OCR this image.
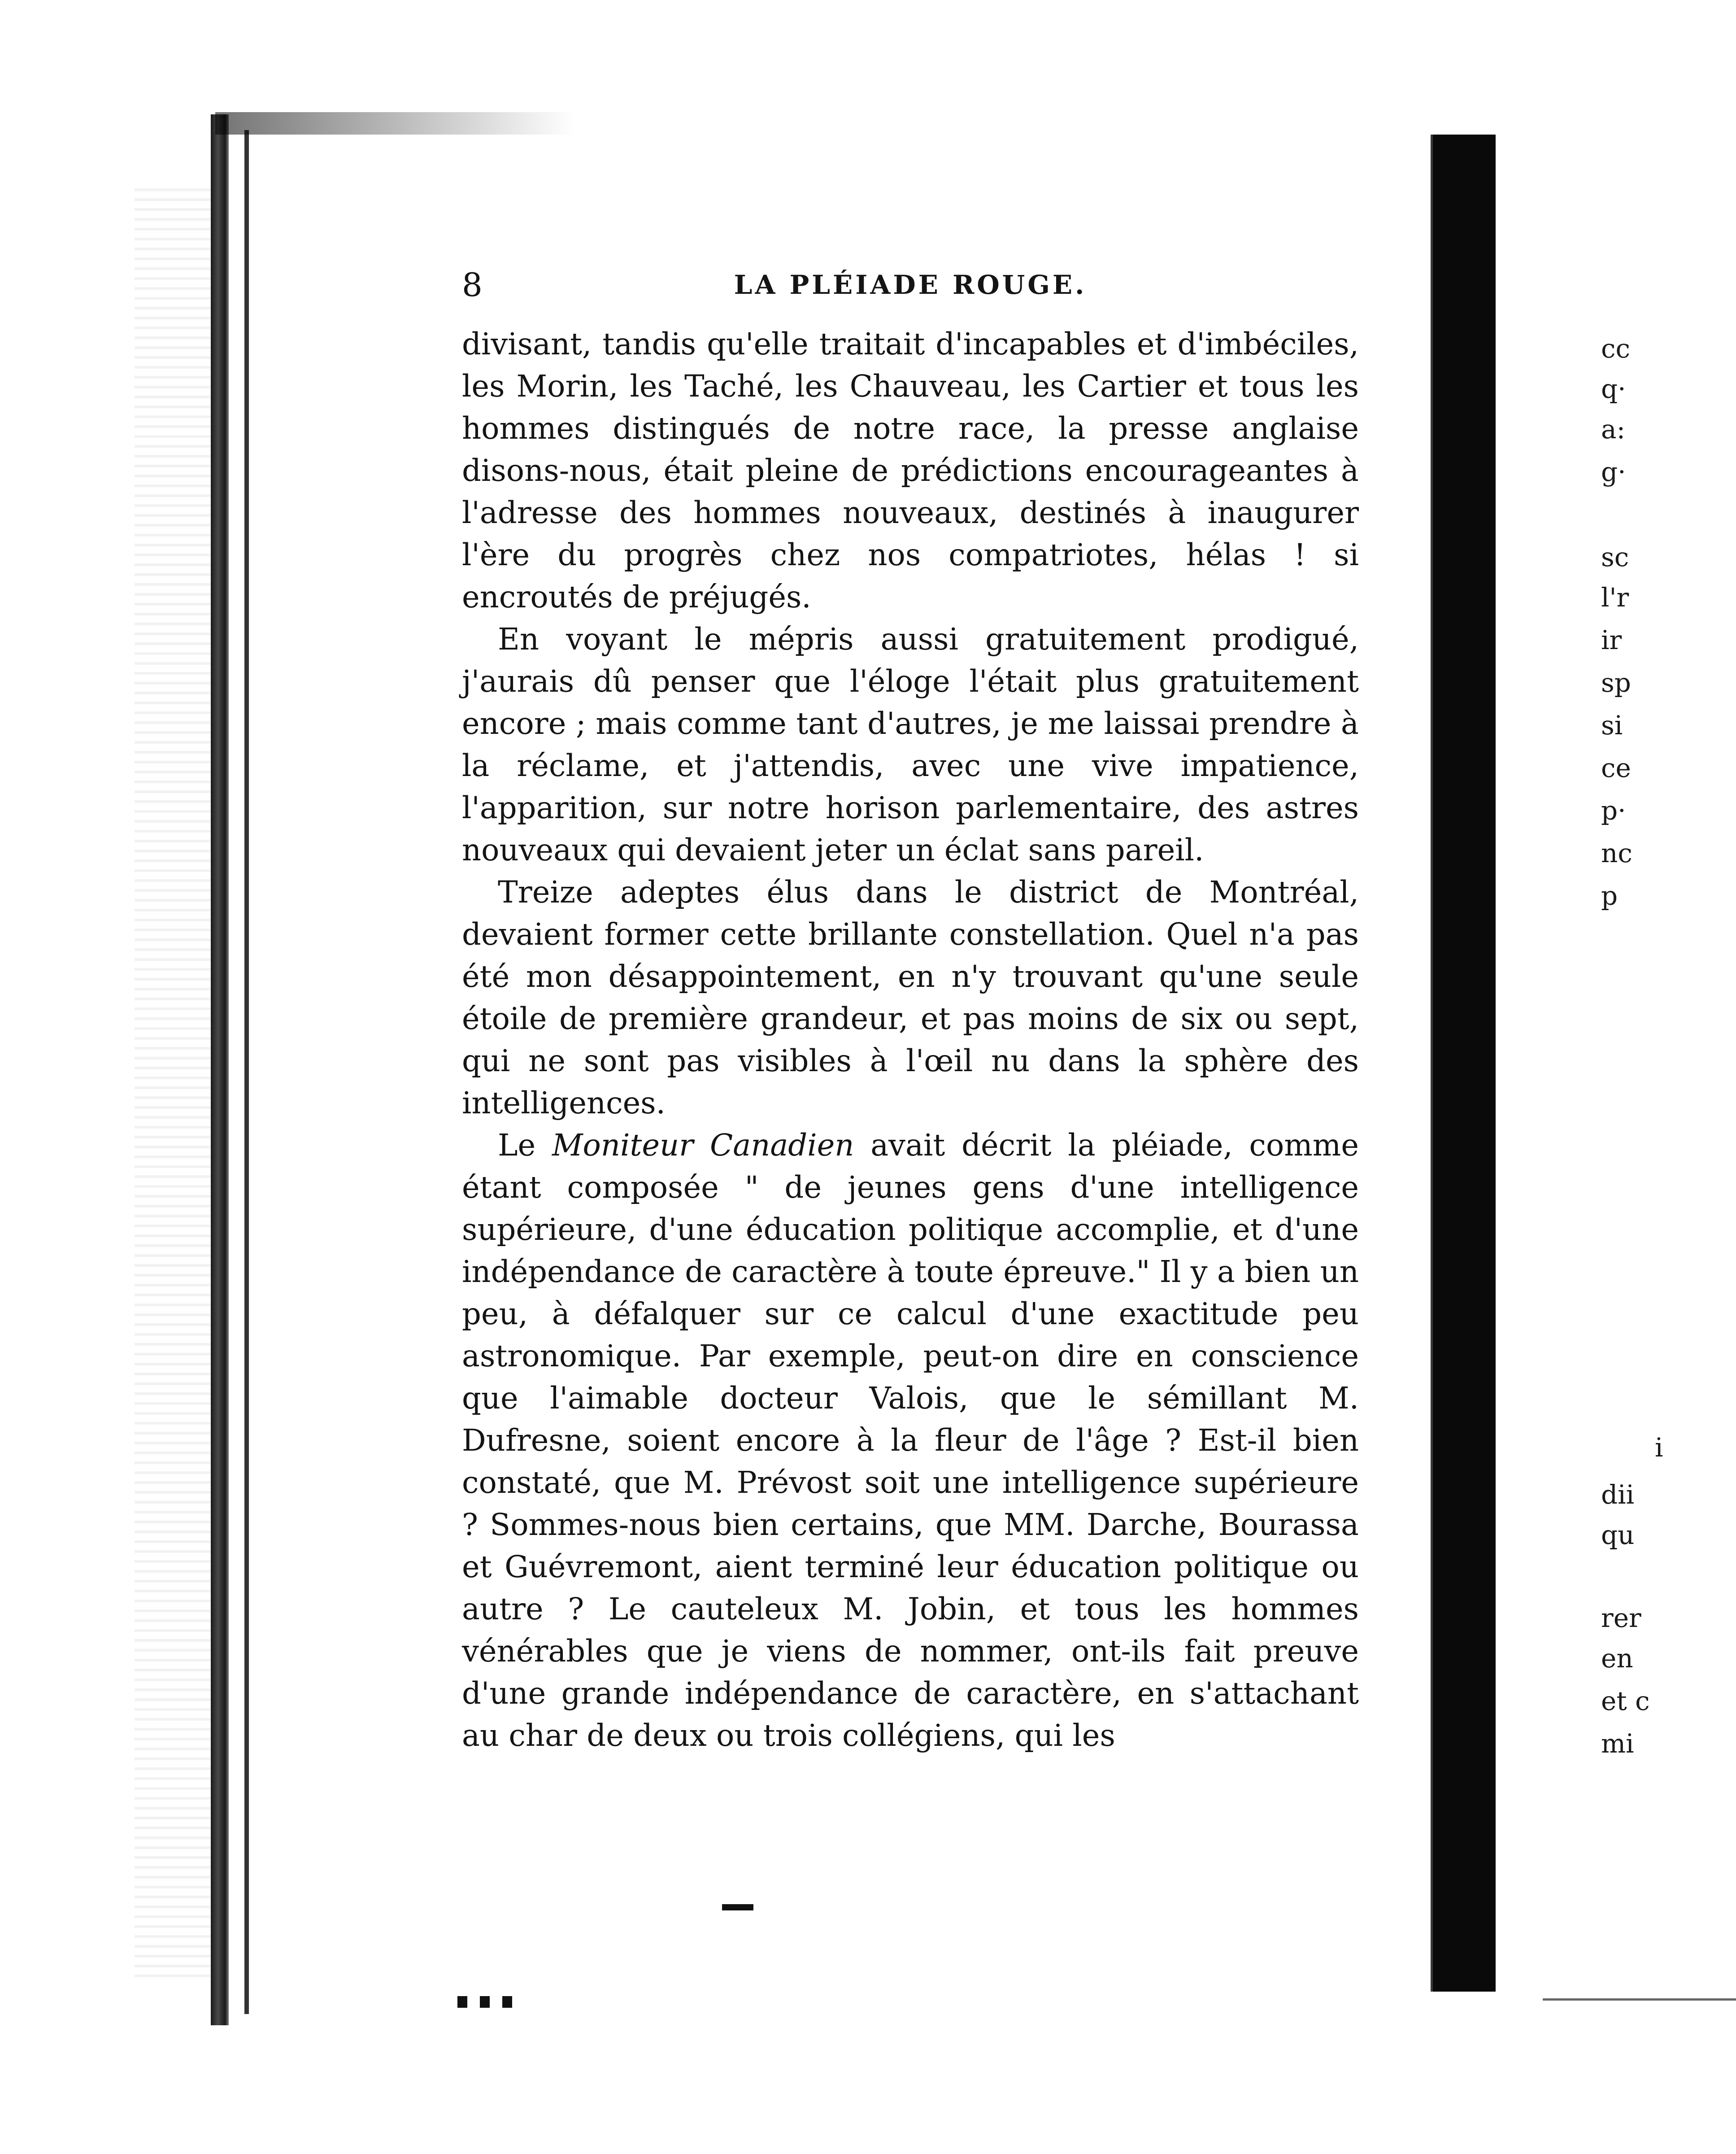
8	LA PLÉIADE ROUGE.

divisant, tandis qu'elle traitait d'incapables et d'imbéciles, les Morin, les Taché, les Chauveau, les Cartier et tous les hommes distingués de notre race, la presse anglaise disons-nous, était pleine de prédictions encourageantes à l'adresse des hommes nouveaux, destinés à inaugurer l'ère du progrès chez nos compatriotes, hélas ! si encroutés de préjugés.

En voyant le mépris aussi gratuitement prodigué, j'aurais dû penser que l'éloge l'était plus gratuitement encore ; mais comme tant d'autres, je me laissai prendre à la réclame, et j'attendis, avec une vive impatience, l'apparition, sur notre horison parlementaire, des astres nouveaux qui devaient jeter un éclat sans pareil.

Treize adeptes élus dans le district de Montréal, devaient former cette brillante constellation. Quel n'a pas été mon désappointement, en n'y trouvant qu'une seule étoile de première grandeur, et pas moins de six ou sept, qui ne sont pas visibles à l'œil nu dans la sphère des intelligences.

Le Moniteur Canadien avait décrit la pléiade, comme étant composée " de jeunes gens d'une intelligence supérieure, d'une éducation politique accomplie, et d'une indépendance de caractère à toute épreuve." Il y a bien un peu, à défalquer sur ce calcul d'une exactitude peu astronomique. Par exemple, peut-on dire en conscience que l'aimable docteur Valois, que le sémillant M. Dufresne, soient encore à la fleur de l'âge ? Est-il bien constaté, que M. Prévost soit une intelligence supérieure ? Sommes-nous bien certains, que MM. Darche, Bourassa et Guévremont, aient terminé leur éducation politique ou autre ? Le cauteleux M. Jobin, et tous les hommes vénérables que je viens de nommer, ont-ils fait preuve d'une grande indépendance de caractère, en s'attachant au char de deux ou trois collégiens, qui les

cc
q·
a:
g·
sc
l'r
ir
sp
si
ce
p·
nc
p
i
dii
qu
rer
en
et c
mi
